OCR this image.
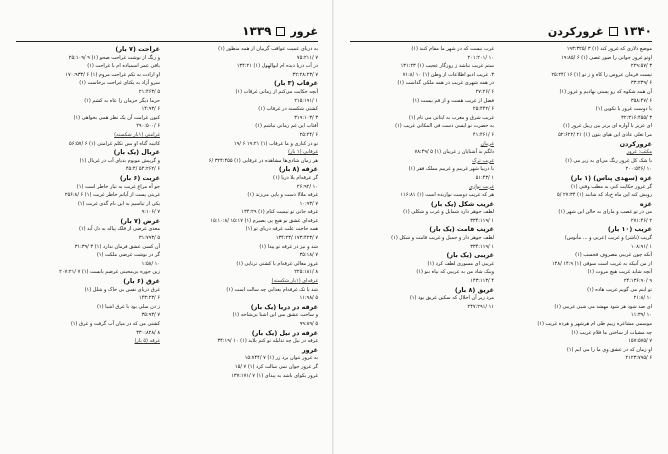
غرور
۱۳۳۹
به دریای عمیت عواقب گریبان از همه منظور (۱)
۷ /۷۵:۲۱۱
در آب دریا دیده ام ابوالهول (۱) ۱۳۴:۲۱
۷ /۳۲:۲۸:۲۳
غرقاب (۳ بار)
آنچه حکایت می‌کنم از زمانی غرقاب (۱)
۱ /۲۱۵:۱۹۱
کشتی شکسته در غرقاب (۱)
۳ /۳۱۹:۱۰۳
آفتاب این غم زمانی نباشم (۱)
۶ /۲۵:۲۴
تو در کناری و ما غرقاب (۱) ۱۹:۲۱ ۶ /۱۹
غرقابی (۱ بار)
هر زمان شادی‌ها مشاهده در غرقابی (۱) ۳۲۴:۴۵۵ /۶
غرقه (۸ بار)
گر غرقه‌ام بلا دریا (۱)
۱۰ /۲۶:۹۲
غرقه ملالا دست و پایی می‌زند (۱)
۷ /۱۰:۹۳
غرقه جانی تو نیمیت کنام (۱) ۱۳۴:۲۹
غرقه‌ای عشق تو هیچ پی بصیرم (۱) ۱۵:۱۷ /۱۵:۱۰:۸
همه حاجت علت غرقه دریای تو (۱)
۷ /۱۷۳:۴۲۳ /۱۳۴:۲۳
شد و نیز در غرقه تو پیدا (۱)
۷ /۳۵:۱۸
غرور معالی غرقه‌ام با کشتی ترنایی (۱)
۸ /۲۲۵:۱۸۱
غرقه‌ای (۱بار شکسته)
شد با تک غرقه‌ام بعذابی چه سالت است (۱)
۵ /۱۱:۹۸
غرقه در دریا (یک بار)
و ساخت عشق بس این اشنا بی‌شاخه (۱)
۵ /۹۹:۸۹
غرقه در نیل (یک بار)
غرقه در نیل چه تدلیله تو کنم بلاید (۱) ۱۰ /۳۴:۱۹
غرور
به غرور نتوان برد زر (۱) ۷ /۱۵:۷۴۴
گر غرور جوان نمی سالت کرد (۱) ۷ /۱۵
غرور بکوای باشد به پیدای (۱) ۷ /۱۳۷:۱۷۱
غراحت (۷ بار)
و رنگ از نوشت غراحت صحو (۱) ۹ /۲۵:۱۰۹
باقی عمر اسمیاده ام با غراحت (۱)
او ارادت به تکم غراحت مروم (۱) ۶ /۱۷۰:۹۳۳
سرو آزاد به یکتای غراحت برخاست (۱)
۵ /۲۱:۴۶۳
حرما دیگر حرمان را عاه به کشم (۱)
۶ /۱۴:۹۳
کنون غرامت آن یک نظر همی بخواهی (۱)
۶ /۲۹۰:۵۰۰
غرامتی (۱بار شکسته)
کاتیبه گناه او بس تکلم غرامتی (۱) ۶ /۵۶:۵۷
غربال (یک بار)
و گربیش موبوم بدیای آب در غربال (۱)
۶ /۵۴:۲۶۲ /۴۵:۴
غربت (۶ بار)
جو آه مراغ غربت به تیار خاطر است (۱)
غربتی پست از آیاتم خاطر غربت (۱) ۶ /۲۵۶:۸
یکی از تیاسیم به این نام گدی غربت (۱)
۷ /۹:۱۰۶
غرض (۷ بار)
معدی غرضی از فلک پیاله به دل آید (۱)
۵ /۳۱:۷۹۳
آن کسی عشق فرمان ندارد (۱) ۳ /۳۱:۳۹
گر در نوشت غرضی ملکت (۱)
۱۰ /۱:۵۸
زین جوره بی‌محبتی غرضم بایست (۱) ۷ /۲۰۷:۲۱
غرق (۶ بار)
غرق دریای نفس بی خاک و شلل (۱)
۶ /۱۴۳:۲۳
ز دن سلی بود با غرق اشیا (۱)
۷ /۳۵:۹۳
کشتی من که در میان آب گرفت و غرق (۱)
۸ /۳۳۰:۸۲۸
غرقه (۵ بار)
۱۳۴۰
غرورکردن
موضع ذلاری که غرور کند (۱) ۳ /۱۹۳:۳۲۵
اوتو غرور جوانی را صور غصی (۱) ۶ /۱۹:۸۵
۳ /۲۲۹:۵۷
نیست فرمان عروس را کاه و ز تو (۱) ۱۶ /۲۵:۲۴
۶ /۳۳:۲۳۹
آن همه شکوه که رو پستی نهادیم و غرور (۱)
۶ /۳۵۸:۴۷
با دوست غرور با تکوین (۱)
۳ /۳۲:۳۱۶:۴۵۵
ای عزیز با آواره ای برتر بین ربیل غرور (۱)
مرا تعلی عادی این هیای بتون (۱) ۲۱ /۵۲:۶۲۲
غرورکردن
مکتب: غرور
با شک کل غرور رنگ می‌ای به زیر می (۱)
۱۰ /۲۰۰:۵۴۶
غزه (سهدی پناس) (۱ بار)
گر غرور حکایت کنی به مطب وقتی (۱)
رویش کنه این ماه خ‌باد که شانند (۱) ۲۷:۳۴ /۵
غزه
من در تو غصب و مارای به خالن این شهر (۱)
۲ /۲۷۱:۴۶
غریب (۱۰ بار)
گریب (ناشر) و غریب (عربی و ... مأنوس)
۱ /۱۰۸:۹۱
آنکه چون غریبی مصروف فحسب (۱)
از من آنیکه به غریب است سوقی (۱) ۱۴:۹ /۱۴۸
آنچه شاید غریب هیچ مروت (۱)
۹ /۲۴:۱۳۶:۹۰
تو اینم می گویم غریب هاده (۱)
۱۰ /۲۱:۸
ای صد شود هر شود مهشد می شبی غریبی (۱)
۱۰ /۱۱:۳۹
موسمی مشاعره زبیم ظی ام هرشهر و هرده غریب (۱)
چه مشیات از ساختن ما فلام غریب (۱)
۷ /۱۵۷:۵۷۵
او زمان که در عشق وی ما را می ایم (۱)
۶ /۲۱۲۳:۷۹۵
غرب نیست که در شهر ما مقام کنند (۱)
۱۰ /۲۰۱:۲۰۱
ستم غریب نباشد ز روزگار عجیب (۱) ۱۳۱:۲۳
۳. غریب ادیو اطلاعات از وطن (۱) ۱۰ /۷۱:۸
در همه شهری غریب در همه ملکی گداست (۱)
۶ /۲۷:۲۶
فضل از غریب هست و از قم بیست (۱)
۶ /۲۵:۴۴۲
غریب شرق و مغرب به ایتاتی می نام (۱)
به حضرت تو ایسی دست فی المکانی غریب (۱)
۶ /۴۱:۴۶۱
غریبان
دلگم بد آشنایان ز غریبان (۱) ۵ /۷۸:۴۹
غریب ترک
با دربیا شهر غریبم و غربیم مملک فقر (۱)
۱ /۵۱:۴۳
غریب نوازی
هر که غریب دوست نوازنده است (۱) ۱۱۶:۸۱
غریب شکل (یک بار)
لطف جوهر دارد شمایل و غرب و شکلی (۱)
۱ /۳۳۴:۱۱۹
غریب قامت (یک بار)
لطف جوهر دار و جمیل و غریب قامت و شکل (۱)
۱ /۳۳۴:۱۱۹
غریبی (یک بار)
غریبی ای مسوری لطف کرد (۱)
وینک شاد من به غریبی که بیاه بنو (۱)
۴ /۱۴۳:۱۱۳
غریق (۸ بار)
مرد زیر آن احلال که سکین غریق بود (۱)
۱۱ /۲۴۷:۲۹۱
